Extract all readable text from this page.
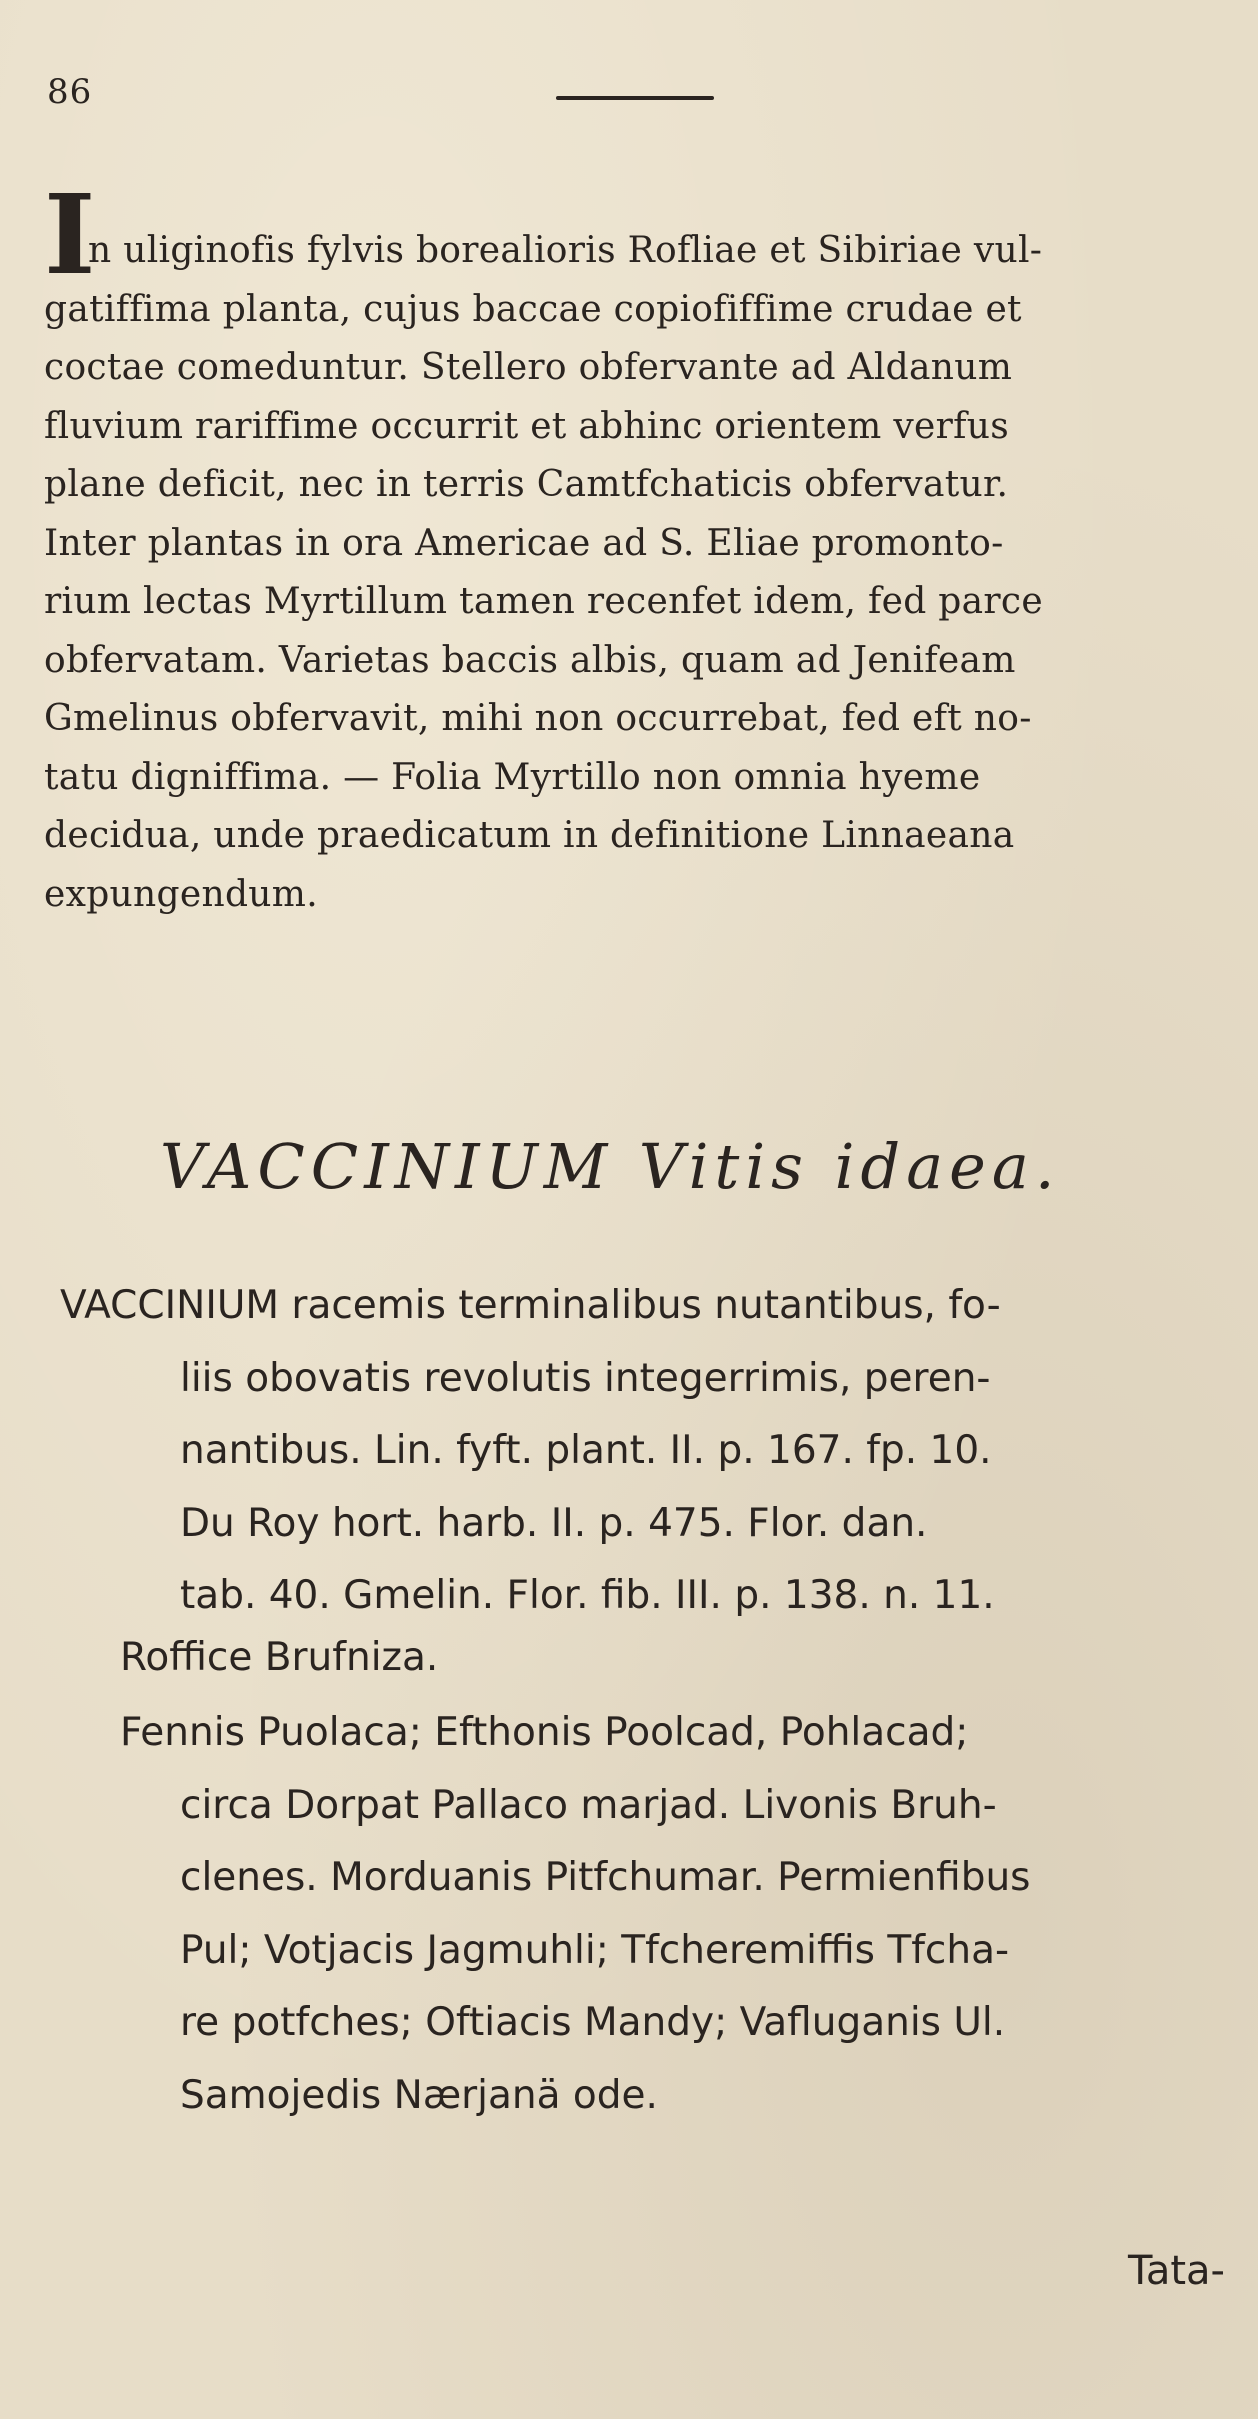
86
I
n uliginofis fylvis borealioris Rofliae et Sibiriae vul-
gatiffima planta, cujus baccae copiofiffime crudae et
coctae comeduntur. Stellero obfervante ad Aldanum
fluvium rariffime occurrit et abhinc orientem verfus
plane deficit, nec in terris Camtfchaticis obfervatur.
Inter plantas in ora Americae ad S. Eliae promonto-
rium lectas Myrtillum tamen recenfet idem, fed parce
obfervatam. Varietas baccis albis, quam ad Jenifeam
Gmelinus obfervavit, mihi non occurrebat, fed eft no-
tatu digniffima. — Folia Myrtillo non omnia hyeme
decidua, unde praedicatum in definitione Linnaeana
expungendum.
VACCINIUM Vitis idaea.
VACCINIUM racemis terminalibus nutantibus, fo-
liis obovatis revolutis integerrimis, peren-
nantibus. Lin. fyft. plant. II. p. 167. fp. 10.
Du Roy hort. harb. II. p. 475. Flor. dan.
tab. 40. Gmelin. Flor. fib. III. p. 138. n. 11.
Roffice Brufniza.
Fennis Puolaca; Efthonis Poolcad, Pohlacad;
circa Dorpat Pallaco marjad. Livonis Bruh-
clenes. Morduanis Pitfchumar. Permienfibus
Pul; Votjacis Jagmuhli; Tfcheremiffis Tfcha-
re potfches; Oftiacis Mandy; Vafluganis Ul.
Samojedis Nærjanä ode.
Tata-
